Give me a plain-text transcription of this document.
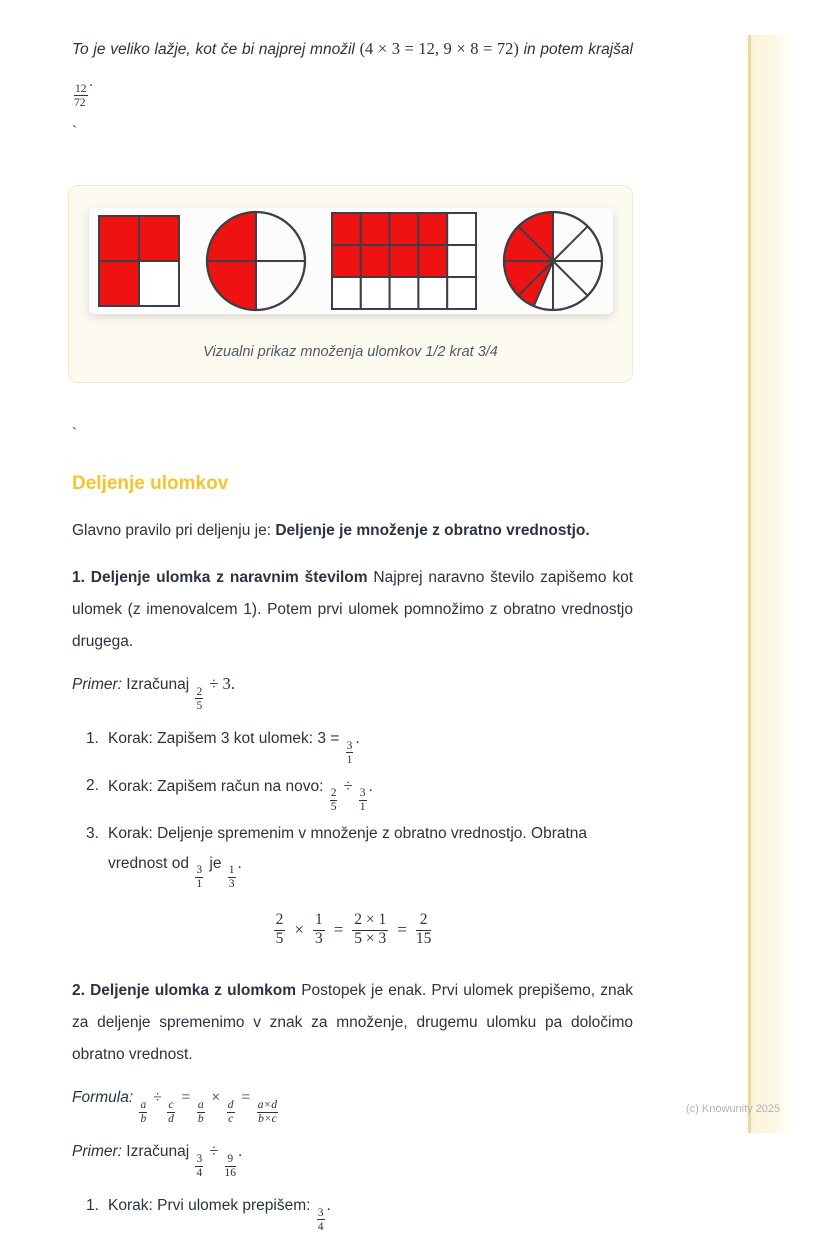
To je veliko lažje, kot če bi najprej množil (4 × 3 = 12, 9 × 8 = 72) in potem krajšal
$\frac{12}{72}$
.

`
Vizualni prikaz množenja ulomkov 1/2 krat 3/4
`
Deljenje ulomkov

Glavno pravilo pri deljenju je: Deljenje je množenje z obratno vrednostjo.

1. Deljenje ulomka z naravnim številom Najprej naravno število zapišemo kot ulomek (z imenovalcem 1). Potem prvi ulomek pomnožimo z obratno vrednostjo drugega.

Primer: Izračunaj
$\frac{2}{5}$
÷ 3.

1. Korak: Zapišem 3 kot ulomek: 3 =
$\frac{3}{1}$
.
2. Korak: Zapišem račun na novo:
$\frac{2}{5}$
÷
$\frac{3}{1}$
.
3. Korak: Deljenje spremenim v množenje z obratno vrednostjo. Obratna vrednost od
$\frac{3}{1}$
je
$\frac{1}{3}$
.
$\frac{2}{5} \times \frac{1}{3} = \frac{2 \times 1}{5 \times 3} = \frac{2}{15}$

2. Deljenje ulomka z ulomkom Postopek je enak. Prvi ulomek prepišemo, znak za deljenje spremenimo v znak za množenje, drugemu ulomku pa določimo obratno vrednost.

Formula:
$\frac{a}{b}$
÷
$\frac{c}{d}$
=
$\frac{a}{b}$
×
$\frac{d}{c}$
=
$\frac{a\times d}{b\times c}$

Primer: Izračunaj
$\frac{3}{4}$
÷
$\frac{9}{16}$
.

1. Korak: Prvi ulomek prepišem:
$\frac{3}{4}$
.
(c) Knowunity 2025
